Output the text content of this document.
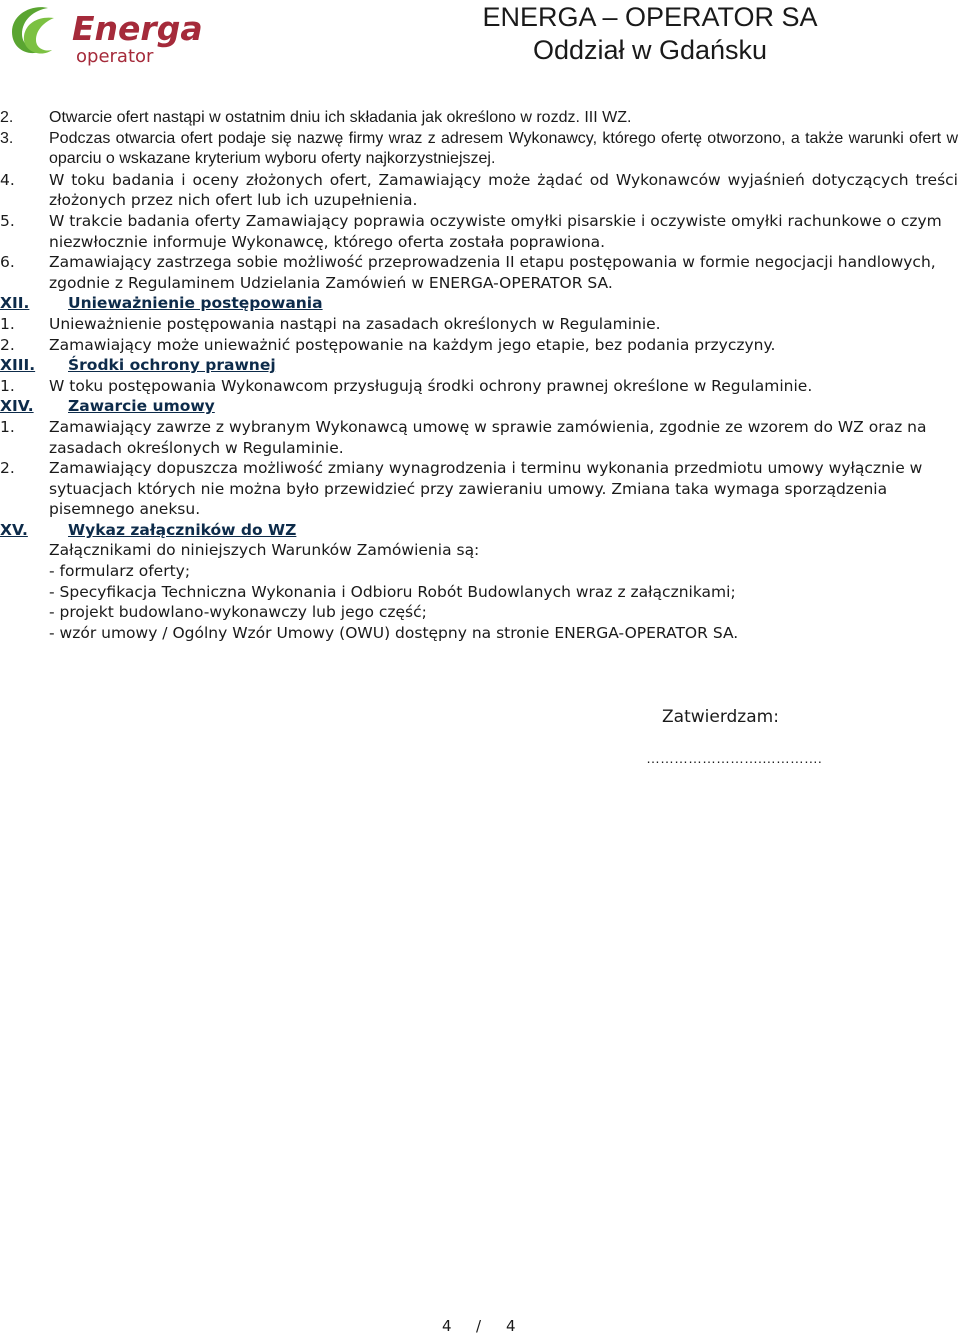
Energa
operator
ENERGA – OPERATOR SA
Oddział w Gdańsku
2. Otwarcie ofert nastąpi w ostatnim dniu ich składania jak określono w rozdz. III WZ.
3. Podczas otwarcia ofert podaje się nazwę firmy wraz z adresem Wykonawcy, którego ofertę otworzono, a także warunki ofert w oparciu o wskazane kryterium wyboru oferty najkorzystniejszej.
4. W toku badania i oceny złożonych ofert, Zamawiający może żądać od Wykonawców wyjaśnień dotyczących treści złożonych przez nich ofert lub ich uzupełnienia.
5. W trakcie badania oferty Zamawiający poprawia oczywiste omyłki pisarskie i oczywiste omyłki rachunkowe o czym niezwłocznie informuje Wykonawcę, którego oferta została poprawiona.
6. Zamawiający zastrzega sobie możliwość przeprowadzenia II etapu postępowania w formie negocjacji handlowych, zgodnie z Regulaminem Udzielania Zamówień w ENERGA-OPERATOR SA.
XII. Unieważnienie postępowania
1. Unieważnienie postępowania nastąpi na zasadach określonych w Regulaminie.
2. Zamawiający może unieważnić postępowanie na każdym jego etapie, bez podania przyczyny.
XIII. Środki ochrony prawnej
1. W toku postępowania Wykonawcom przysługują środki ochrony prawnej określone w Regulaminie.
XIV. Zawarcie umowy
1. Zamawiający zawrze z wybranym Wykonawcą umowę w sprawie zamówienia, zgodnie ze wzorem do WZ oraz na zasadach określonych w Regulaminie.
2. Zamawiający dopuszcza możliwość zmiany wynagrodzenia i terminu wykonania przedmiotu umowy wyłącznie w sytuacjach których nie można było przewidzieć przy zawieraniu umowy. Zmiana taka wymaga sporządzenia pisemnego aneksu.
XV.	Wykaz załączników do WZ
Załącznikami do niniejszych Warunków Zamówienia są:
- formularz oferty;
- Specyfikacja Techniczna Wykonania i Odbioru Robót Budowlanych wraz z załącznikami;
- projekt budowlano-wykonawczy lub jego część;
- wzór umowy / Ogólny Wzór Umowy (OWU) dostępny na stronie ENERGA-OPERATOR SA.
Zatwierdzam:
…………………….………….
4 / 4
